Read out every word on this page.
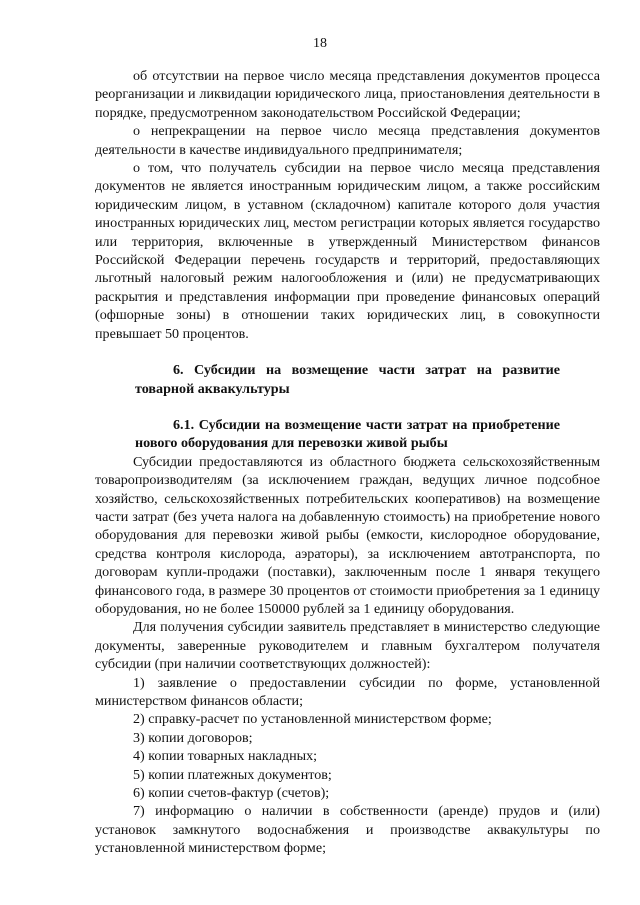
18

об отсутствии на первое число месяца представления документов процесса реорганизации и ликвидации юридического лица, приостановления деятельности в порядке, предусмотренном законодательством Российской Федерации;

о непрекращении на первое число месяца представления документов деятельности в качестве индивидуального предпринимателя;

о том, что получатель субсидии на первое число месяца представления документов не является иностранным юридическим лицом, а также российским юридическим лицом, в уставном (складочном) капитале которого доля участия иностранных юридических лиц, местом регистрации которых является государство или территория, включенные в утвержденный Министерством финансов Российской Федерации перечень государств и территорий, предоставляющих льготный налоговый режим налогообложения и (или) не предусматривающих раскрытия и представления информации при проведение финансовых операций (офшорные зоны) в отношении таких юридических лиц, в совокупности превышает 50 процентов.

6. Субсидии на возмещение части затрат на развитие товарной аквакультуры

6.1. Субсидии на возмещение части затрат на приобретение нового оборудования для перевозки живой рыбы

Субсидии предоставляются из областного бюджета сельскохозяйственным товаропроизводителям (за исключением граждан, ведущих личное подсобное хозяйство, сельскохозяйственных потребительских кооперативов) на возмещение части затрат (без учета налога на добавленную стоимость) на приобретение нового оборудования для перевозки живой рыбы (емкости, кислородное оборудование, средства контроля кислорода, аэраторы), за исключением автотранспорта, по договорам купли-продажи (поставки), заключенным после 1 января текущего финансового года, в размере 30 процентов от стоимости приобретения за 1 единицу оборудования, но не более 150000 рублей за 1 единицу оборудования.

Для получения субсидии заявитель представляет в министерство следующие документы, заверенные руководителем и главным бухгалтером получателя субсидии (при наличии соответствующих должностей):

1) заявление о предоставлении субсидии по форме, установленной министерством финансов области;

2) справку-расчет по установленной министерством форме;

3) копии договоров;

4) копии товарных накладных;

5) копии платежных документов;

6) копии счетов-фактур (счетов);

7) информацию о наличии в собственности (аренде) прудов и (или) установок замкнутого водоснабжения и производстве аквакультуры по установленной министерством форме;
